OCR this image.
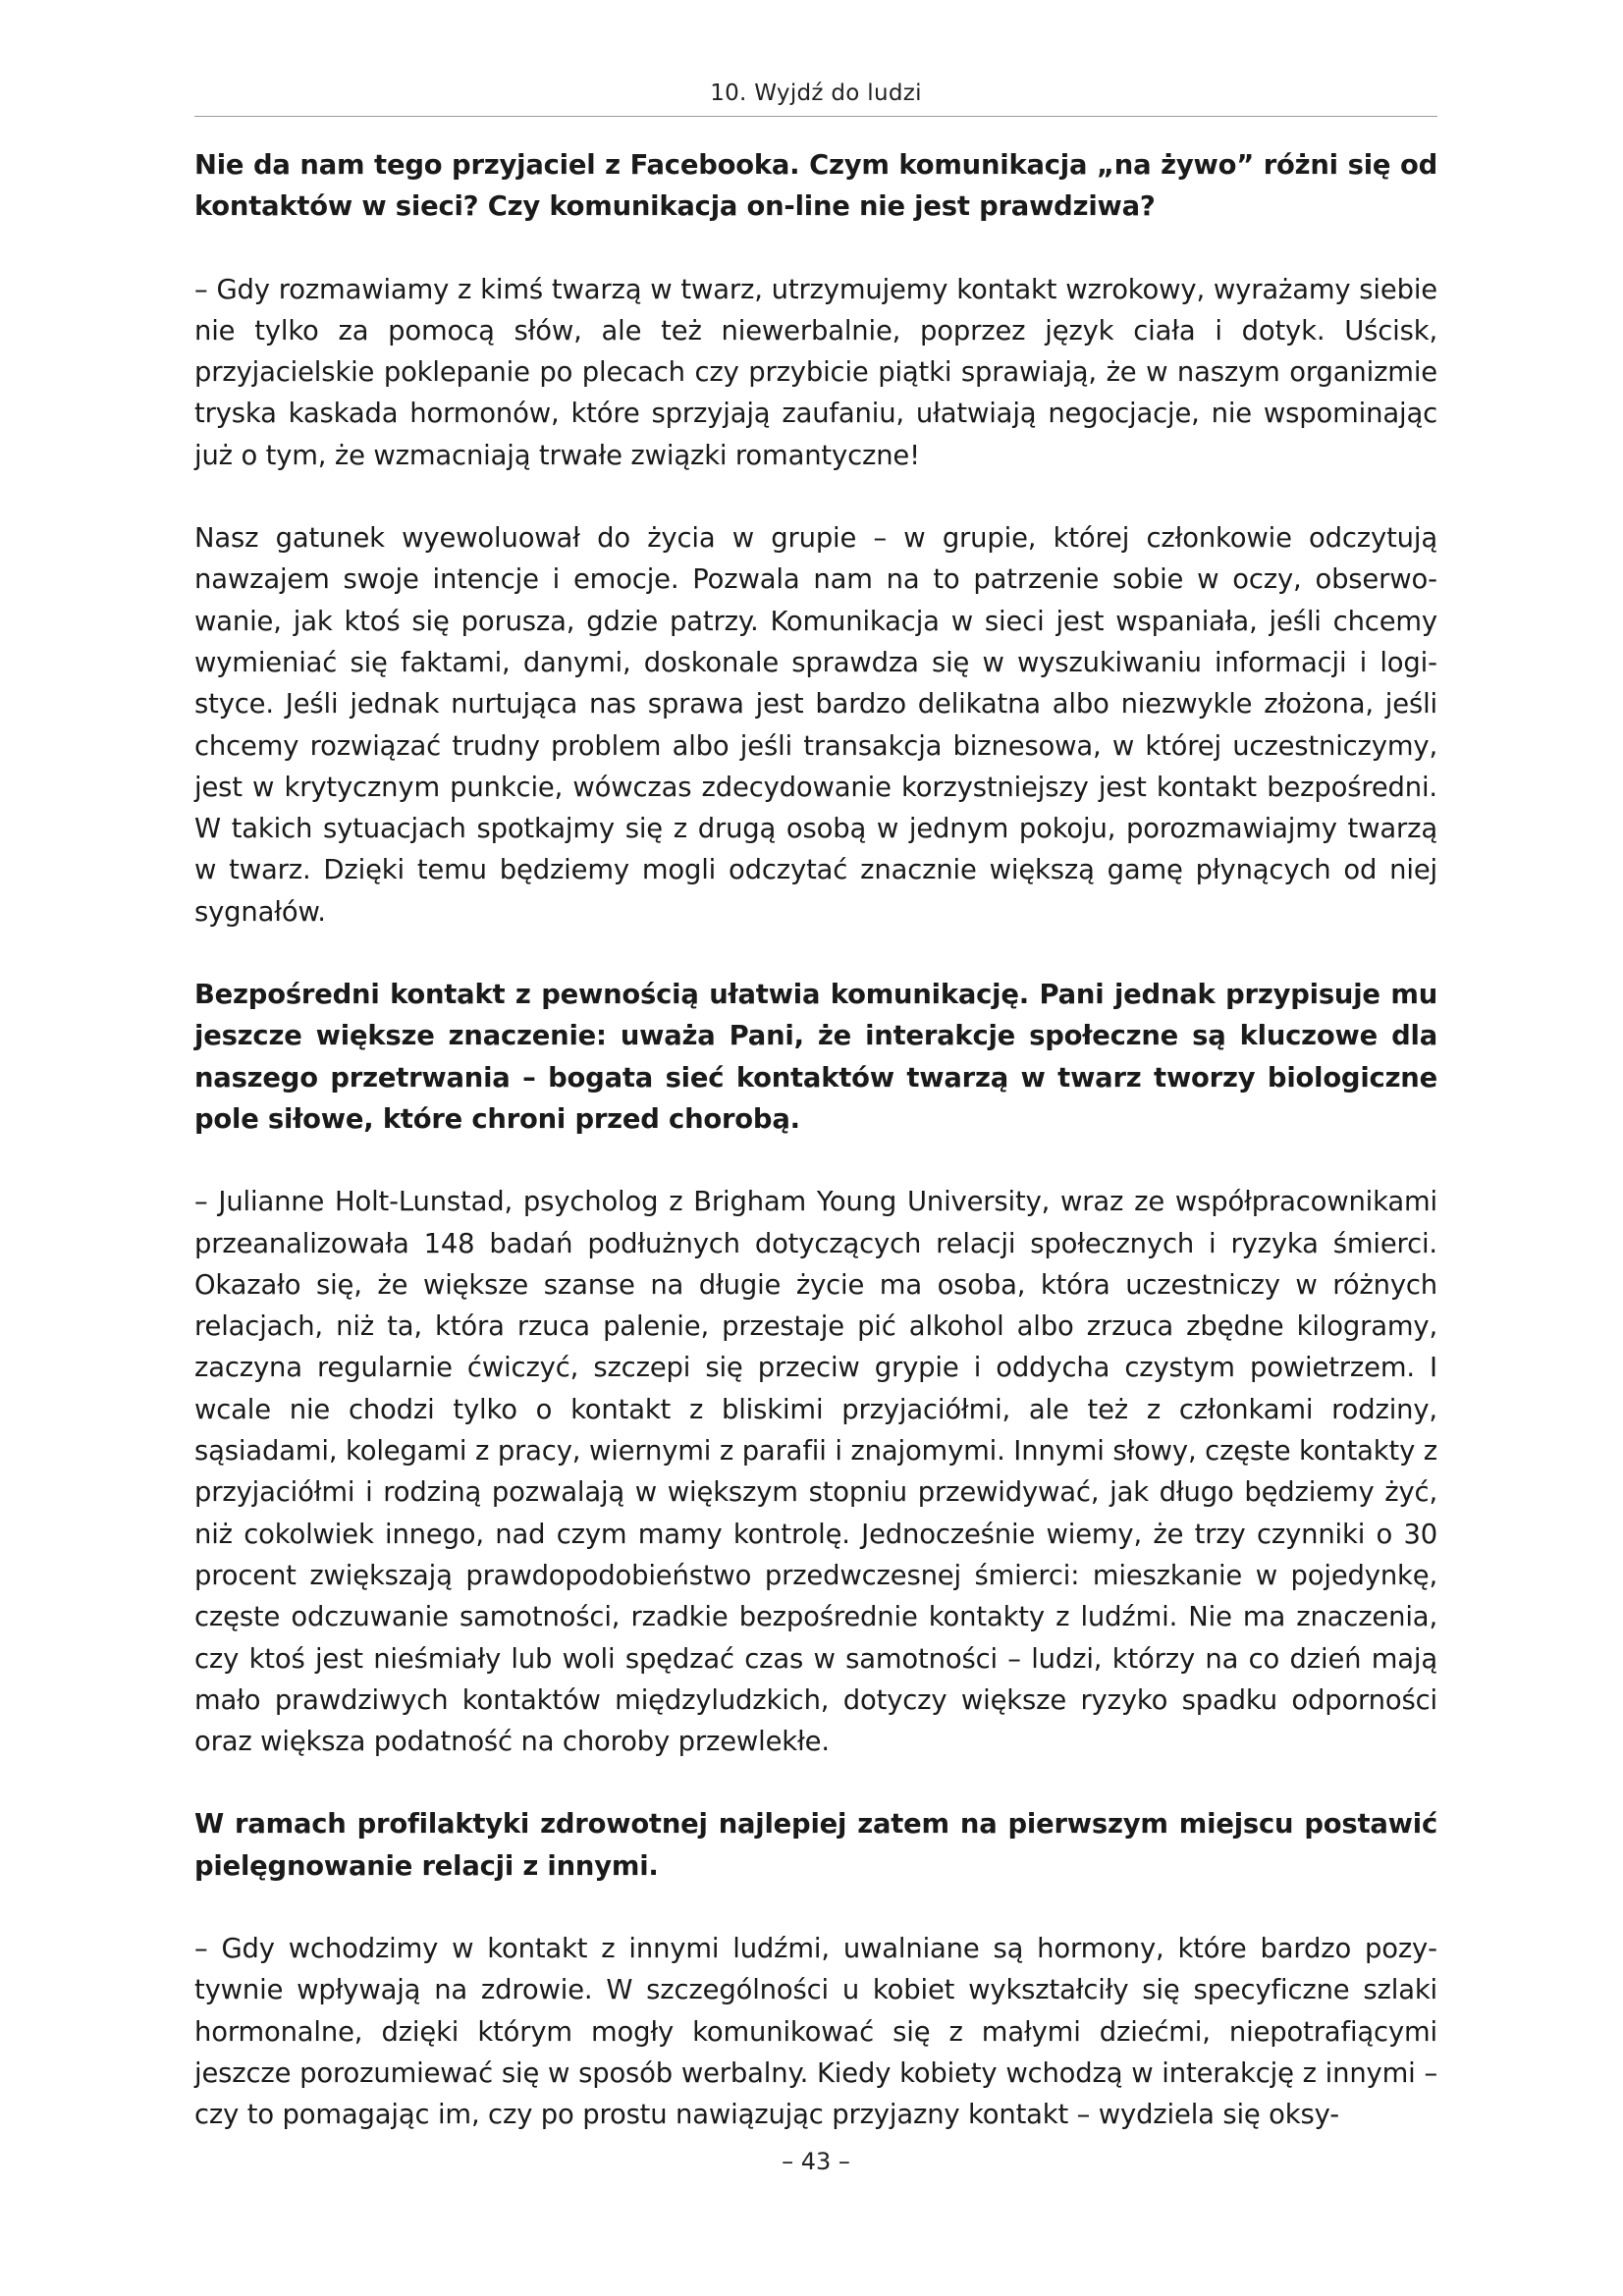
10. Wyjdź do ludzi

Nie da nam tego przyjaciel z Facebooka. Czym komunikacja „na żywo” różni się od kontaktów w sieci? Czy komunikacja on-line nie jest prawdziwa?

– Gdy rozmawiamy z kimś twarzą w twarz, utrzymujemy kontakt wzrokowy, wyrażamy siebie nie tylko za pomocą słów, ale też niewerbalnie, poprzez język ciała i dotyk. Uścisk, przyjacielskie poklepanie po plecach czy przybicie piątki sprawiają, że w naszym organizmie tryska kaskada hormonów, które sprzyjają zaufaniu, ułatwiają negocjacje, nie wspominając już o tym, że wzmacniają trwałe związki romantyczne!

Nasz gatunek wyewoluował do życia w grupie – w grupie, której członkowie odczytują nawzajem swoje intencje i emocje. Pozwala nam na to patrzenie sobie w oczy, obserwowanie, jak ktoś się porusza, gdzie patrzy. Komunikacja w sieci jest wspaniała, jeśli chcemy wymieniać się faktami, danymi, doskonale sprawdza się w wyszukiwaniu informacji i logistyce. Jeśli jednak nurtująca nas sprawa jest bardzo delikatna albo niezwykle złożona, jeśli chcemy rozwiązać trudny problem albo jeśli transakcja biznesowa, w której uczestniczymy, jest w krytycznym punkcie, wówczas zdecydowanie korzystniejszy jest kontakt bezpośredni. W takich sytuacjach spotkajmy się z drugą osobą w jednym pokoju, porozmawiajmy twarzą w twarz. Dzięki temu będziemy mogli odczytać znacznie większą gamę płynących od niej sygnałów.

Bezpośredni kontakt z pewnością ułatwia komunikację. Pani jednak przypisuje mu jeszcze większe znaczenie: uważa Pani, że interakcje społeczne są kluczowe dla naszego przetrwania – bogata sieć kontaktów twarzą w twarz tworzy biologiczne pole siłowe, które chroni przed chorobą.

– Julianne Holt-Lunstad, psycholog z Brigham Young University, wraz ze współpracownikami przeanalizowała 148 badań podłużnych dotyczących relacji społecznych i ryzyka śmierci. Okazało się, że większe szanse na długie życie ma osoba, która uczestniczy w różnych relacjach, niż ta, która rzuca palenie, przestaje pić alkohol albo zrzuca zbędne kilogramy, zaczyna regularnie ćwiczyć, szczepi się przeciw grypie i oddycha czystym powietrzem. I wcale nie chodzi tylko o kontakt z bliskimi przyjaciółmi, ale też z członkami rodziny, sąsiadami, kolegami z pracy, wiernymi z parafii i znajomymi. Innymi słowy, częste kontakty z przyjaciółmi i rodziną pozwalają w większym stopniu przewidywać, jak długo będziemy żyć, niż cokolwiek innego, nad czym mamy kontrolę. Jednocześnie wiemy, że trzy czynniki o 30 procent zwiększają prawdopodobieństwo przedwczesnej śmierci: mieszkanie w pojedynkę, częste odczuwanie samotności, rzadkie bezpośrednie kontakty z ludźmi. Nie ma znaczenia, czy ktoś jest nieśmiały lub woli spędzać czas w samotności – ludzi, którzy na co dzień mają mało prawdziwych kontaktów międzyludzkich, dotyczy większe ryzyko spadku odporności oraz większa podatność na choroby przewlekłe.

W ramach profilaktyki zdrowotnej najlepiej zatem na pierwszym miejscu postawić pielęgnowanie relacji z innymi.

– Gdy wchodzimy w kontakt z innymi ludźmi, uwalniane są hormony, które bardzo pozytywnie wpływają na zdrowie. W szczególności u kobiet wykształciły się specyficzne szlaki hormonalne, dzięki którym mogły komunikować się z małymi dziećmi, niepotrafiącymi jeszcze porozumiewać się w sposób werbalny. Kiedy kobiety wchodzą w interakcję z innymi – czy to pomagając im, czy po prostu nawiązując przyjazny kontakt – wydziela się oksy-

– 43 –
